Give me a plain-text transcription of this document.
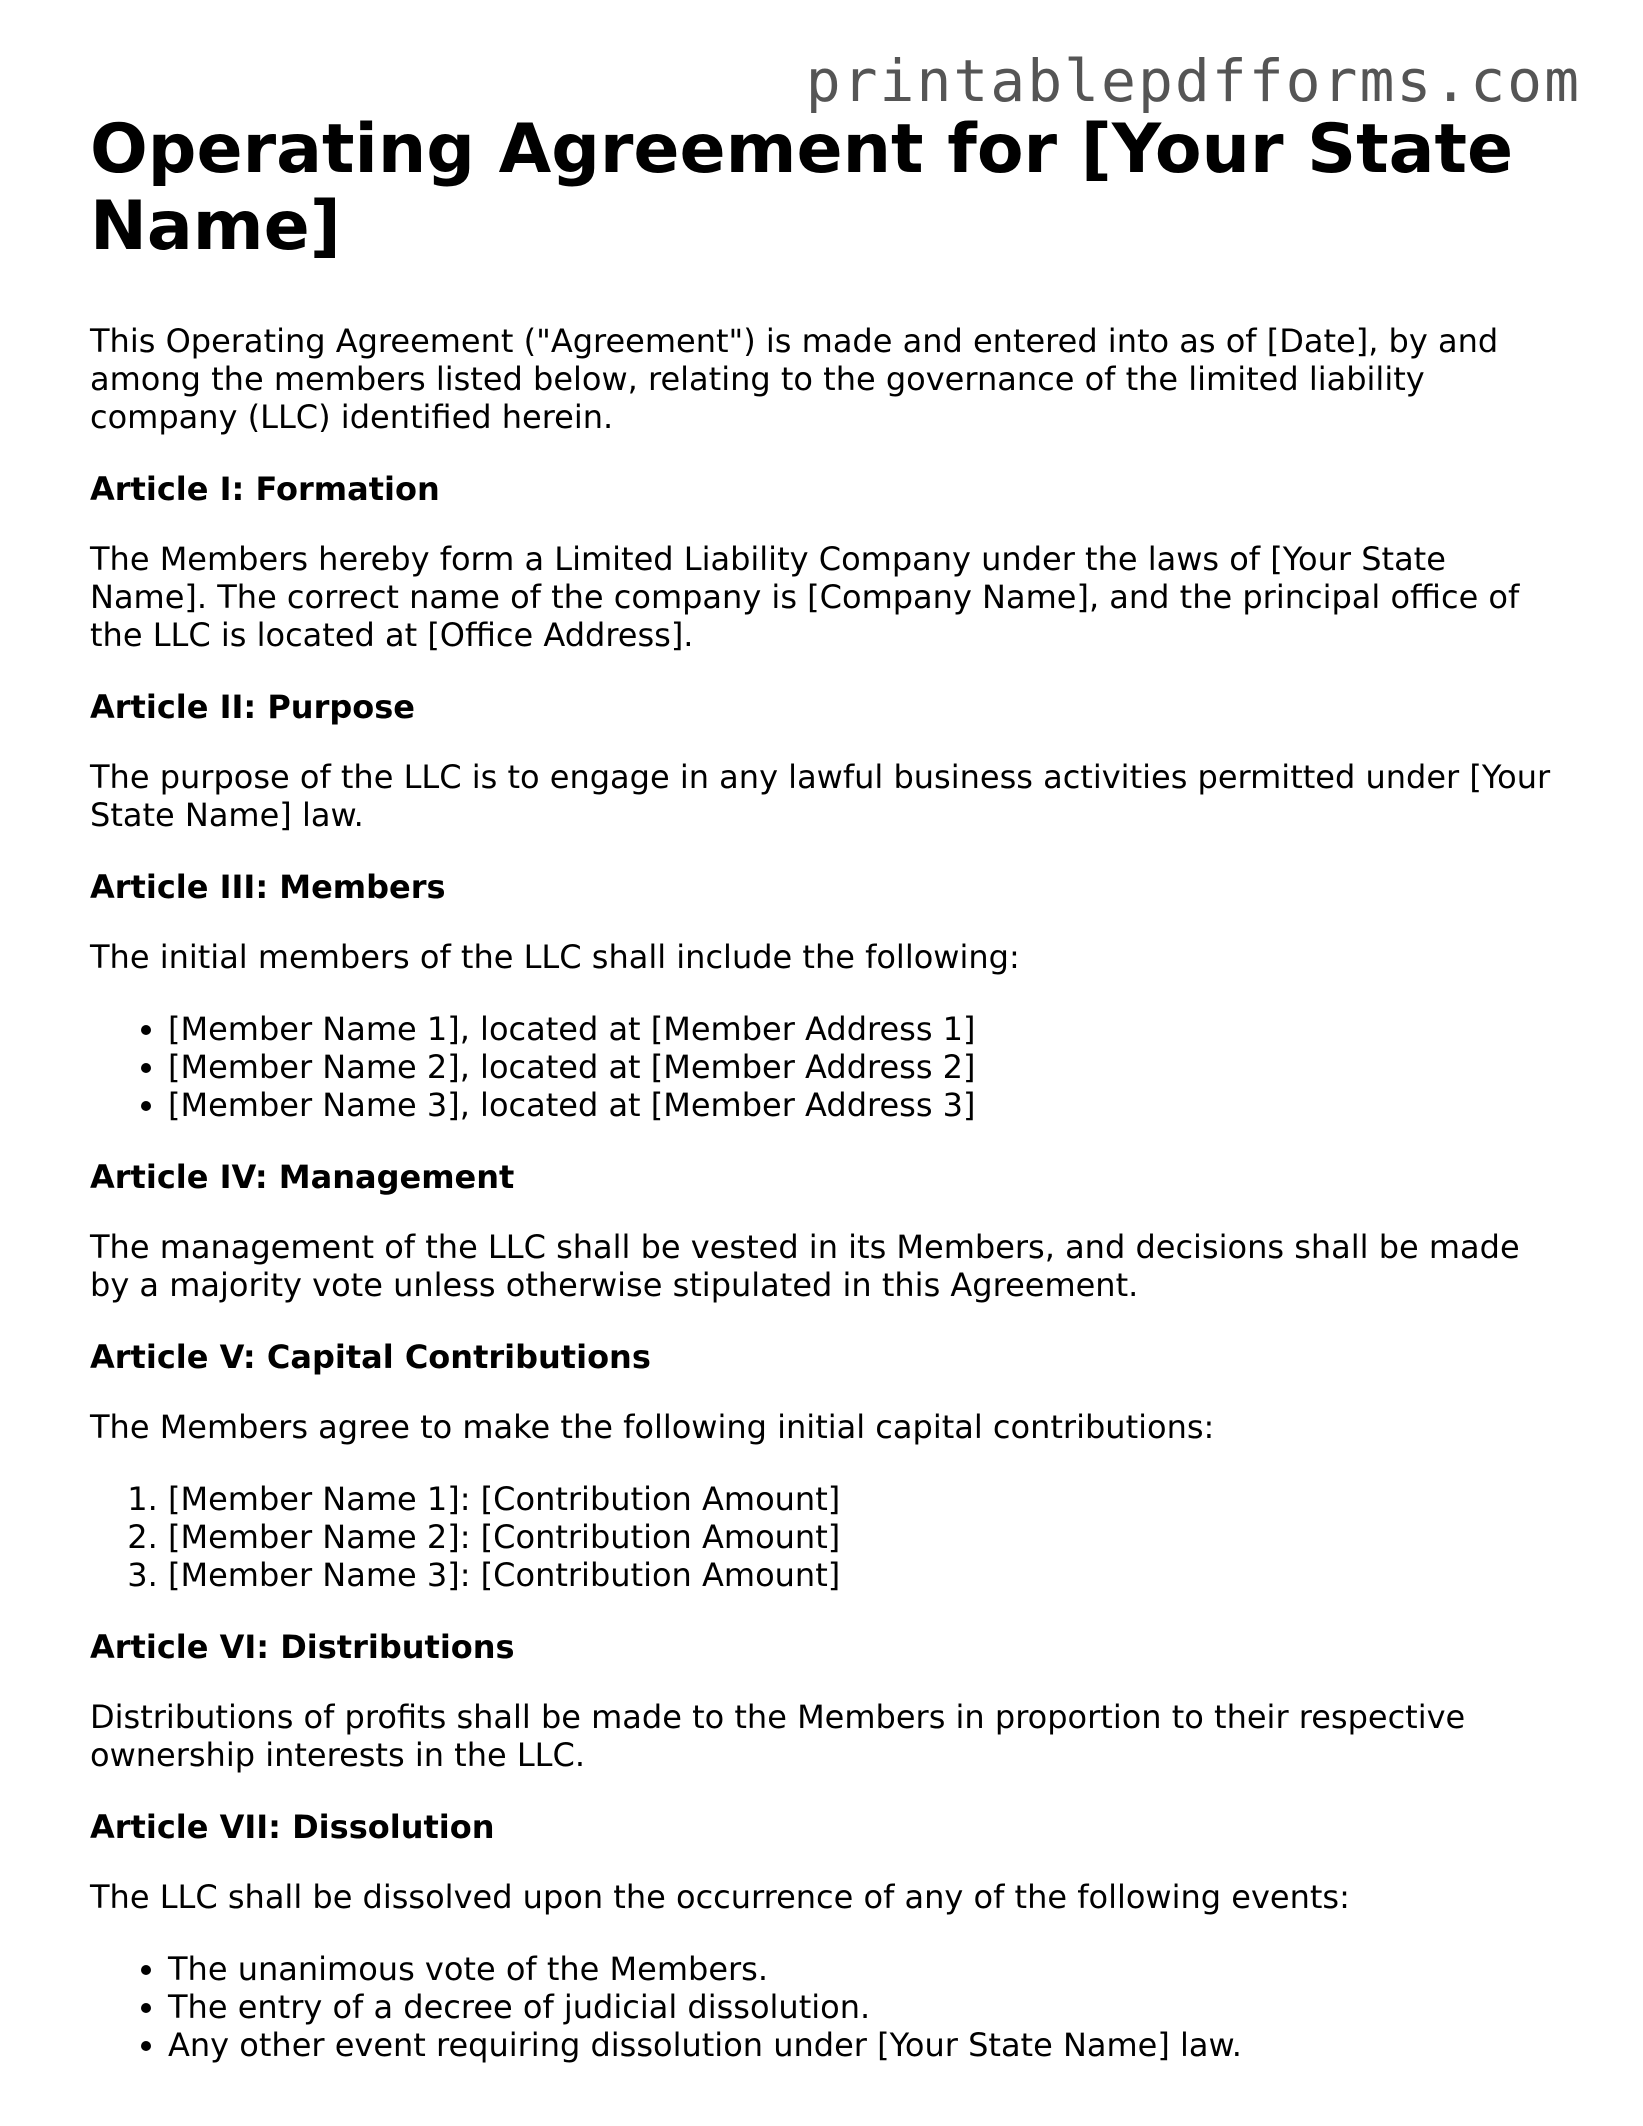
printablepdfforms.com
Operating Agreement for [Your State Name]

This Operating Agreement ("Agreement") is made and entered into as of [Date], by and among the members listed below, relating to the governance of the limited liability company (LLC) identified herein.

Article I: Formation

The Members hereby form a Limited Liability Company under the laws of [Your State Name]. The correct name of the company is [Company Name], and the principal office of the LLC is located at [Office Address].

Article II: Purpose

The purpose of the LLC is to engage in any lawful business activities permitted under [Your State Name] law.

Article III: Members

The initial members of the LLC shall include the following:

• [Member Name 1], located at [Member Address 1]
• [Member Name 2], located at [Member Address 2]
• [Member Name 3], located at [Member Address 3]
Article IV: Management

The management of the LLC shall be vested in its Members, and decisions shall be made by a majority vote unless otherwise stipulated in this Agreement.

Article V: Capital Contributions

The Members agree to make the following initial capital contributions:

1. [Member Name 1]: [Contribution Amount]
2. [Member Name 2]: [Contribution Amount]
3. [Member Name 3]: [Contribution Amount]
Article VI: Distributions

Distributions of profits shall be made to the Members in proportion to their respective ownership interests in the LLC.

Article VII: Dissolution

The LLC shall be dissolved upon the occurrence of any of the following events:

• The unanimous vote of the Members.
• The entry of a decree of judicial dissolution.
• Any other event requiring dissolution under [Your State Name] law.
